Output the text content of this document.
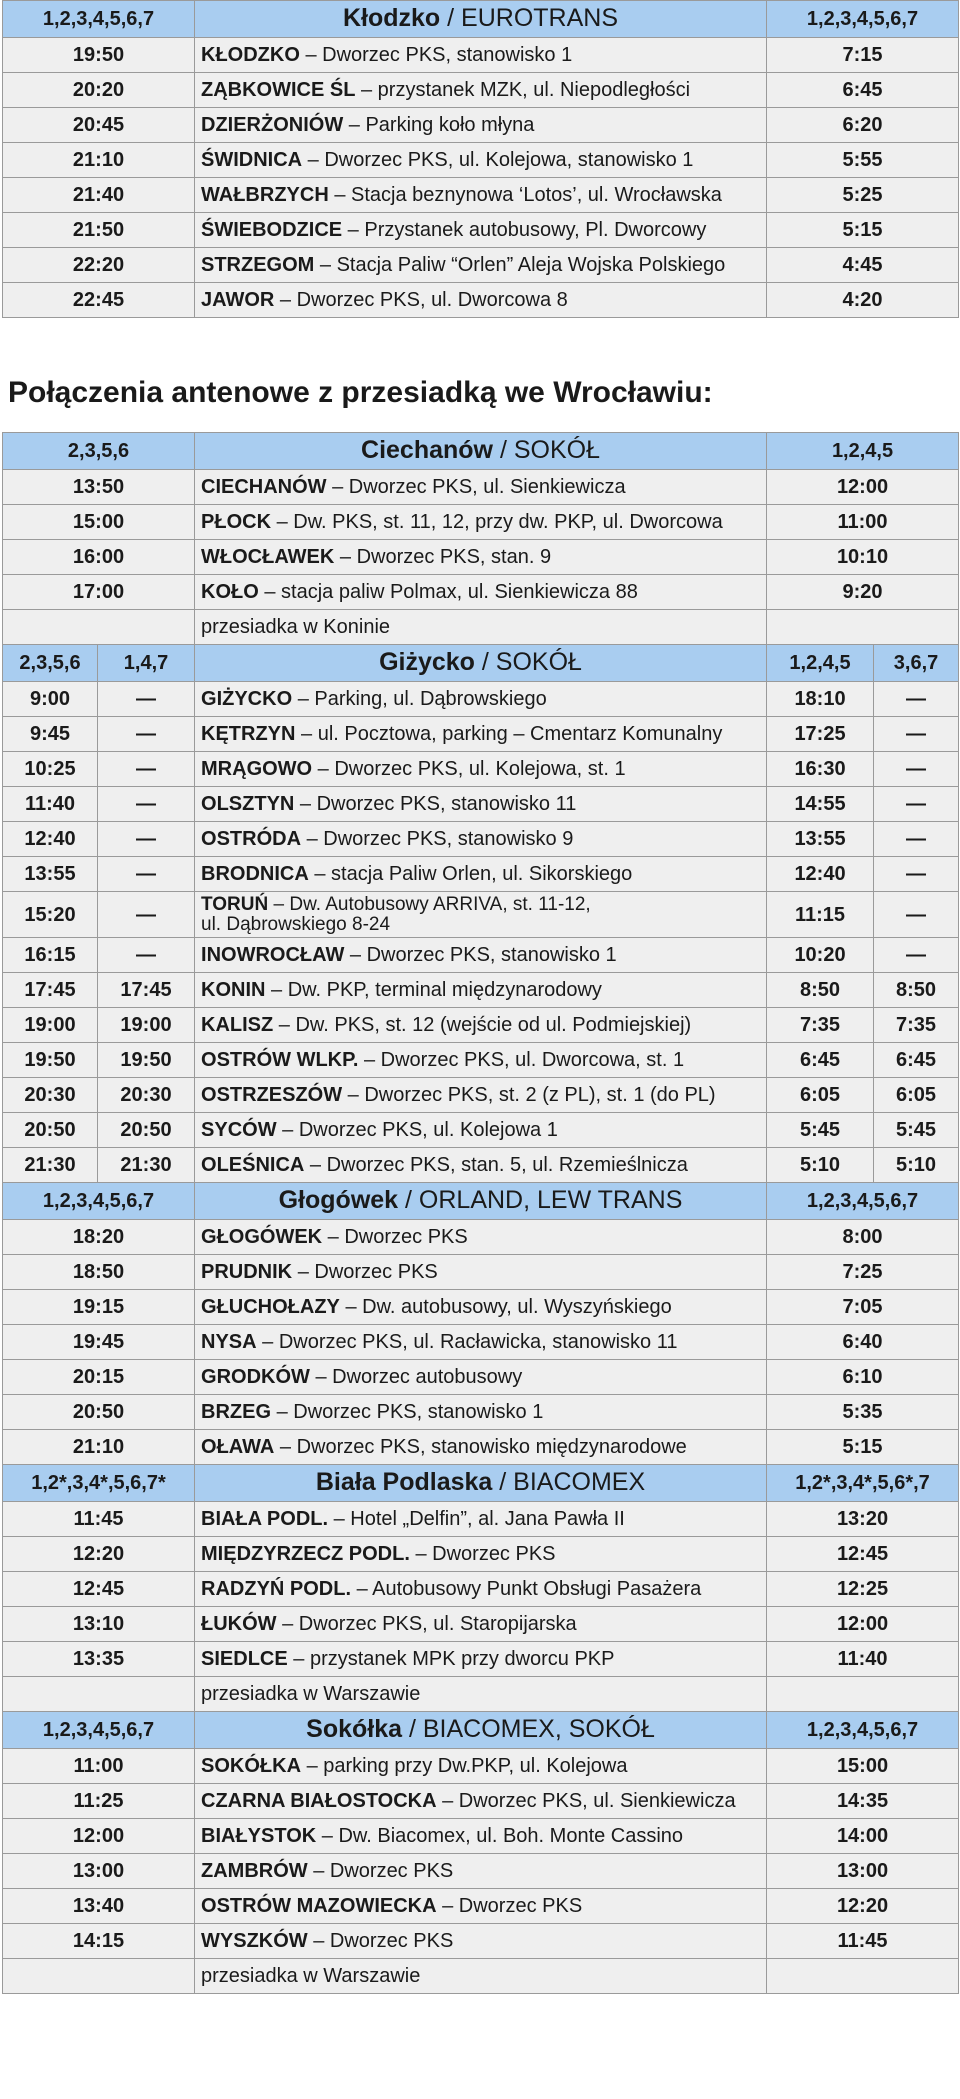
1,2,3,4,5,6,7	Kłodzko / EUROTRANS	1,2,3,4,5,6,7
19:50	KŁODZKO – Dworzec PKS, stanowisko 1	7:15
20:20	ZĄBKOWICE ŚL – przystanek MZK, ul. Niepodległości	6:45
20:45	DZIERŻONIÓW – Parking koło młyna	6:20
21:10	ŚWIDNICA – Dworzec PKS, ul. Kolejowa, stanowisko 1	5:55
21:40	WAŁBRZYCH – Stacja beznynowa ‘Lotos’, ul. Wrocławska	5:25
21:50	ŚWIEBODZICE – Przystanek autobusowy, Pl. Dworcowy	5:15
22:20	STRZEGOM – Stacja Paliw “Orlen” Aleja Wojska Polskiego	4:45
22:45	JAWOR – Dworzec PKS, ul. Dworcowa 8	4:20
Połączenia antenowe z przesiadką we Wrocławiu:
2,3,5,6		Ciechanów / SOKÓŁ	1,2,4,5	
13:50		CIECHANÓW – Dworzec PKS, ul. Sienkiewicza	12:00	
15:00		PŁOCK – Dw. PKS, st. 11, 12, przy dw. PKP, ul. Dworcowa	11:00	
16:00		WŁOCŁAWEK – Dworzec PKS, stan. 9	10:10	
17:00		KOŁO – stacja paliw Polmax, ul. Sienkiewicza 88	9:20	
		przesiadka w Koninie		
2,3,5,6	1,4,7	Giżycko / SOKÓŁ	1,2,4,5	3,6,7
9:00	—	GIŻYCKO – Parking, ul. Dąbrowskiego	18:10	—
9:45	—	KĘTRZYN – ul. Pocztowa, parking – Cmentarz Komunalny	17:25	—
10:25	—	MRĄGOWO – Dworzec PKS, ul. Kolejowa, st. 1	16:30	—
11:40	—	OLSZTYN – Dworzec PKS, stanowisko 11	14:55	—
12:40	—	OSTRÓDA – Dworzec PKS, stanowisko 9	13:55	—
13:55	—	BRODNICA – stacja Paliw Orlen, ul. Sikorskiego	12:40	—
15:20	—	TORUŃ – Dw. Autobusowy ARRIVA, st. 11-12,
ul. Dąbrowskiego 8-24	11:15	—
16:15	—	INOWROCŁAW – Dworzec PKS, stanowisko 1	10:20	—
17:45	17:45	KONIN – Dw. PKP, terminal międzynarodowy	8:50	8:50
19:00	19:00	KALISZ – Dw. PKS, st. 12 (wejście od ul. Podmiejskiej)	7:35	7:35
19:50	19:50	OSTRÓW WLKP. – Dworzec PKS, ul. Dworcowa, st. 1	6:45	6:45
20:30	20:30	OSTRZESZÓW – Dworzec PKS, st. 2 (z PL), st. 1 (do PL)	6:05	6:05
20:50	20:50	SYCÓW – Dworzec PKS, ul. Kolejowa 1	5:45	5:45
21:30	21:30	OLEŚNICA – Dworzec PKS, stan. 5, ul. Rzemieślnicza	5:10	5:10
1,2,3,4,5,6,7		Głogówek / ORLAND, LEW TRANS	1,2,3,4,5,6,7	
18:20		GŁOGÓWEK – Dworzec PKS	8:00	
18:50		PRUDNIK – Dworzec PKS	7:25	
19:15		GŁUCHOŁAZY – Dw. autobusowy, ul. Wyszyńskiego	7:05	
19:45		NYSA – Dworzec PKS, ul. Racławicka, stanowisko 11	6:40	
20:15		GRODKÓW – Dworzec autobusowy	6:10	
20:50		BRZEG – Dworzec PKS, stanowisko 1	5:35	
21:10		OŁAWA – Dworzec PKS, stanowisko międzynarodowe	5:15	
1,2*,3,4*,5,6,7*		Biała Podlaska / BIACOMEX	1,2*,3,4*,5,6*,7	
11:45		BIAŁA PODL. – Hotel „Delfin”, al. Jana Pawła II	13:20	
12:20		MIĘDZYRZECZ PODL. – Dworzec PKS	12:45	
12:45		RADZYŃ PODL. – Autobusowy Punkt Obsługi Pasażera	12:25	
13:10		ŁUKÓW – Dworzec PKS, ul. Staropijarska	12:00	
13:35		SIEDLCE – przystanek MPK przy dworcu PKP	11:40	
		przesiadka w Warszawie		
1,2,3,4,5,6,7		Sokółka / BIACOMEX, SOKÓŁ	1,2,3,4,5,6,7	
11:00		SOKÓŁKA – parking przy Dw.PKP, ul. Kolejowa	15:00	
11:25		CZARNA BIAŁOSTOCKA – Dworzec PKS, ul. Sienkiewicza	14:35	
12:00		BIAŁYSTOK – Dw. Biacomex, ul. Boh. Monte Cassino	14:00	
13:00		ZAMBRÓW – Dworzec PKS	13:00	
13:40		OSTRÓW MAZOWIECKA – Dworzec PKS	12:20	
14:15		WYSZKÓW – Dworzec PKS	11:45	
		przesiadka w Warszawie		
